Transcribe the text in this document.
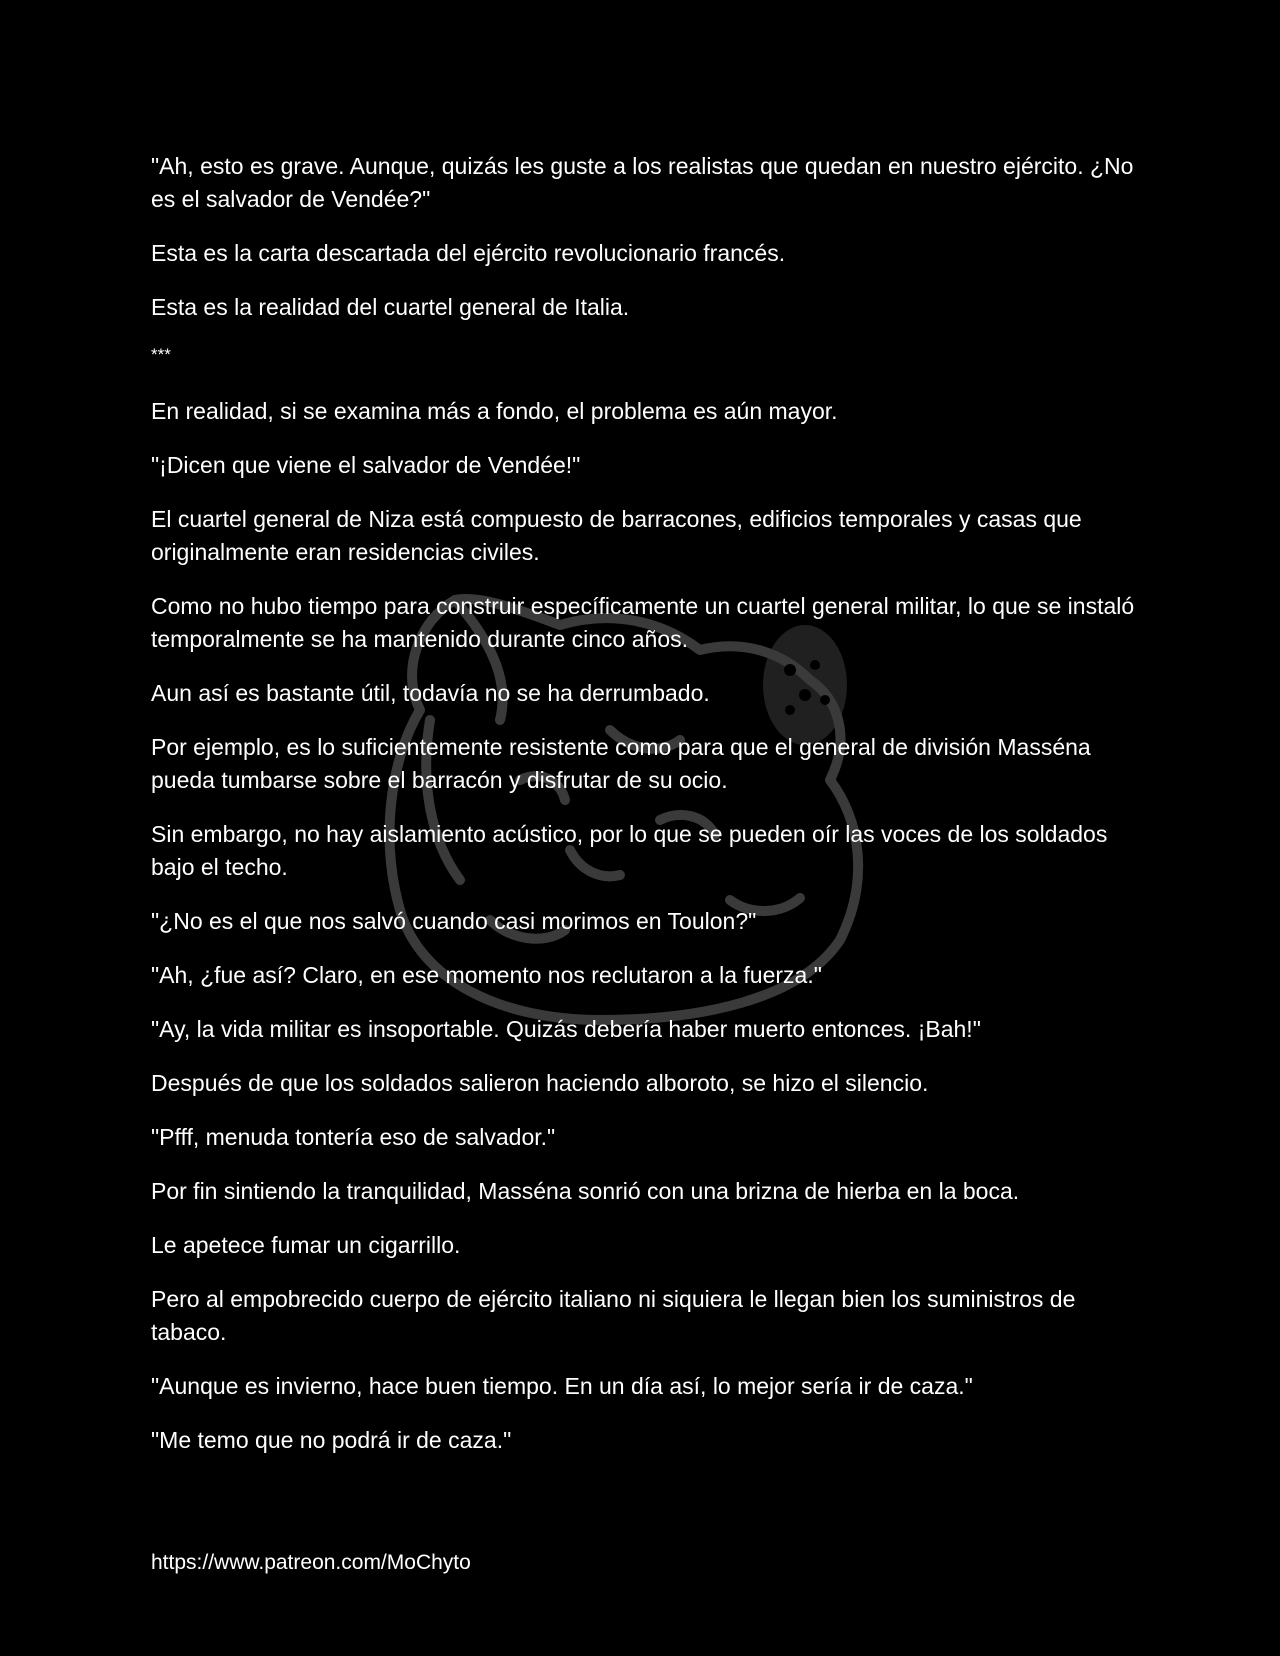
"Ah, esto es grave. Aunque, quizás les guste a los realistas que quedan en nuestro ejército. ¿No es el salvador de Vendée?"

Esta es la carta descartada del ejército revolucionario francés.

Esta es la realidad del cuartel general de Italia.

***

En realidad, si se examina más a fondo, el problema es aún mayor.

"¡Dicen que viene el salvador de Vendée!"

El cuartel general de Niza está compuesto de barracones, edificios temporales y casas que originalmente eran residencias civiles.

Como no hubo tiempo para construir específicamente un cuartel general militar, lo que se instaló temporalmente se ha mantenido durante cinco años.

Aun así es bastante útil, todavía no se ha derrumbado.

Por ejemplo, es lo suficientemente resistente como para que el general de división Masséna pueda tumbarse sobre el barracón y disfrutar de su ocio.

Sin embargo, no hay aislamiento acústico, por lo que se pueden oír las voces de los soldados bajo el techo.

"¿No es el que nos salvó cuando casi morimos en Toulon?"

"Ah, ¿fue así? Claro, en ese momento nos reclutaron a la fuerza."

"Ay, la vida militar es insoportable. Quizás debería haber muerto entonces. ¡Bah!"

Después de que los soldados salieron haciendo alboroto, se hizo el silencio.

"Pfff, menuda tontería eso de salvador."

Por fin sintiendo la tranquilidad, Masséna sonrió con una brizna de hierba en la boca.

Le apetece fumar un cigarrillo.

Pero al empobrecido cuerpo de ejército italiano ni siquiera le llegan bien los suministros de tabaco.

"Aunque es invierno, hace buen tiempo. En un día así, lo mejor sería ir de caza."

"Me temo que no podrá ir de caza."

https://www.patreon.com/MoChyto
